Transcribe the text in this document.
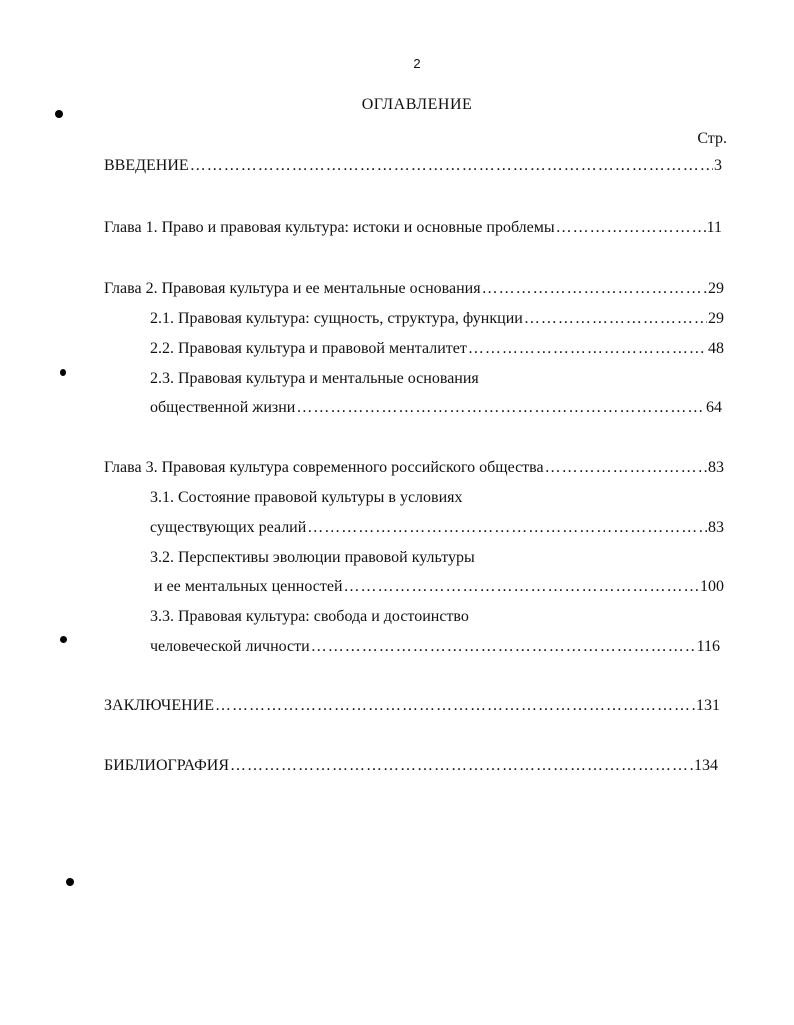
2
ОГЛАВЛЕНИЕ
Стр.
ВВЕДЕНИЕ …………………………………………………………………………………………………………………………………………	3
Глава 1. Право и правовая культура: истоки и основные проблемы …………………………………………………………………………………………………………………………………………	11
Глава 2. Правовая культура и ее ментальные основания …………………………………………………………………………………………………………………………………………	29
2.1. Правовая культура: сущность, структура, функции …………………………………………………………………………………………………………………………………………	29
2.2. Правовая культура и правовой менталитет …………………………………………………………………………………………………………………………………………	48
2.3. Правовая культура и ментальные основания
общественной жизни …………………………………………………………………………………………………………………………………………	64
Глава 3. Правовая культура современного российского общества …………………………………………………………………………………………………………………………………………	83
3.1. Состояние правовой культуры в условиях
существующих реалий …………………………………………………………………………………………………………………………………………	83
3.2. Перспективы эволюции правовой культуры
и ее ментальных ценностей …………………………………………………………………………………………………………………………………………	100
3.3. Правовая культура: свобода и достоинство
человеческой личности …………………………………………………………………………………………………………………………………………	116
ЗАКЛЮЧЕНИЕ …………………………………………………………………………………………………………………………………………	131
БИБЛИОГРАФИЯ …………………………………………………………………………………………………………………………………………	134
